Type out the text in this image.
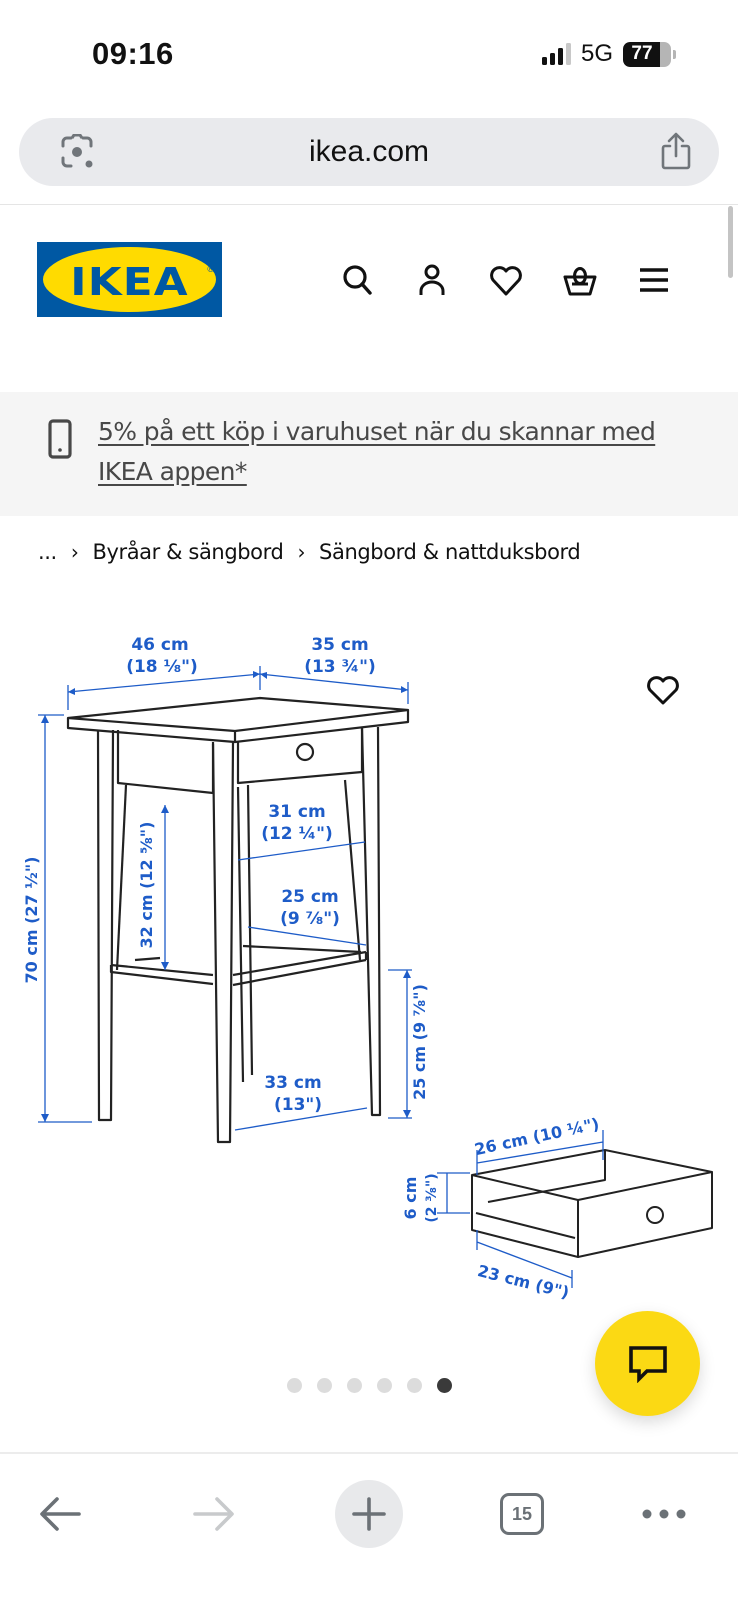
09:16	5G 77
ikea.com
IKEA	®
5% på ett köp i varuhuset när du skannar med IKEA appen*
... › Byråar & sängbord › Sängbord & nattduksbord
46 cm
(18 ⅛")
35 cm
(13 ¾")
70 cm (27 ½")	32 cm (12 ⅝")
31 cm
(12 ¼")
25 cm
(9 ⅞")
25 cm (9 ⅞")
33 cm
(13")
26 cm (10 ¼")
6 cm (2 ⅜")
23 cm (9")
15
